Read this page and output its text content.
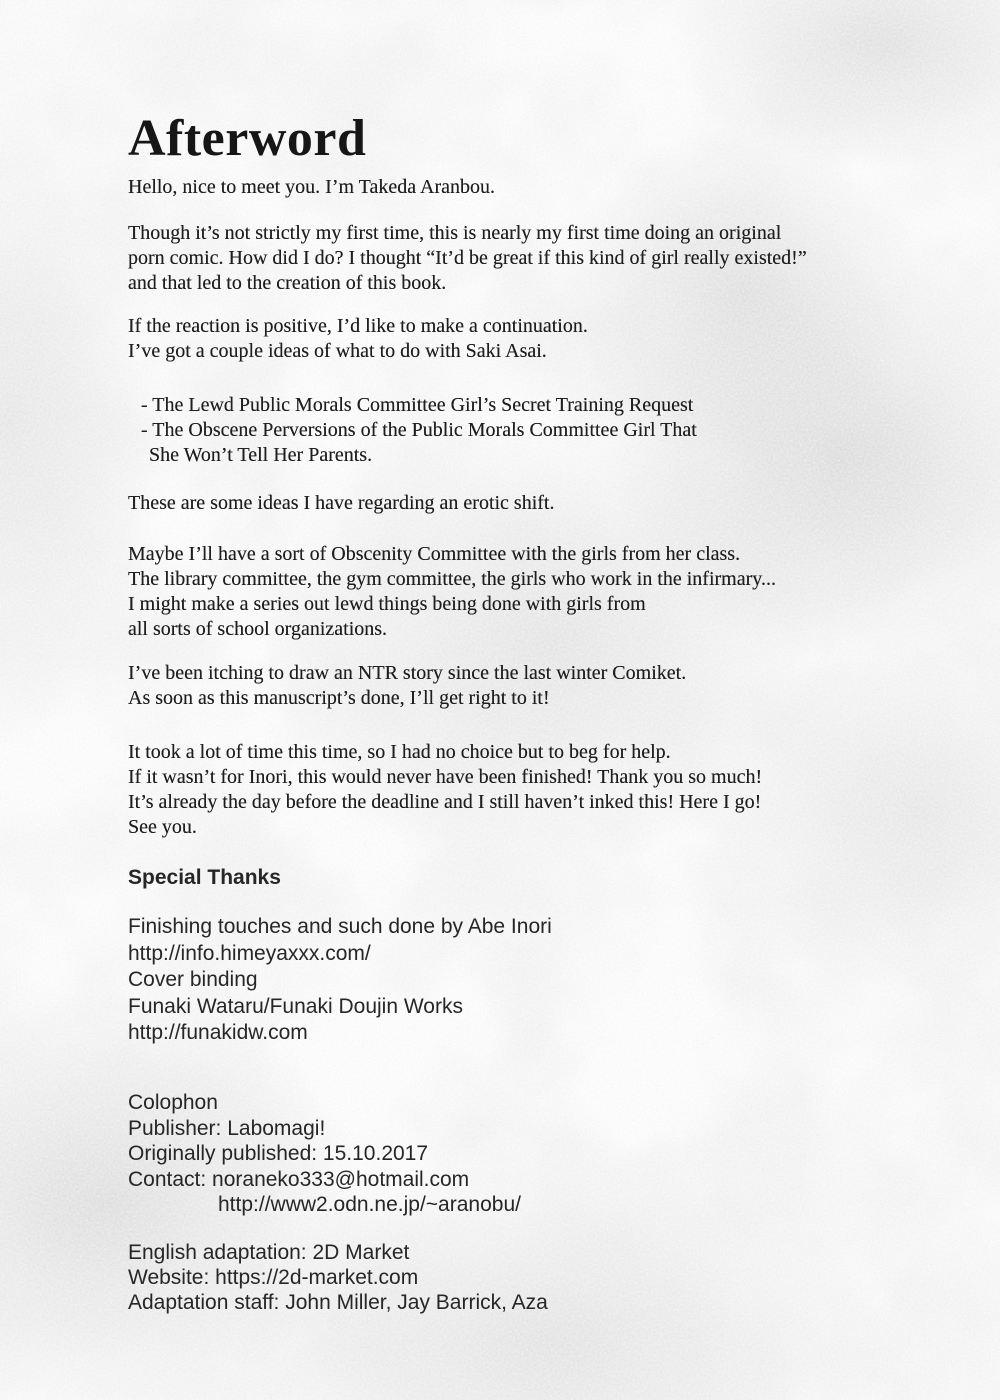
Afterword
Hello, nice to meet you. I’m Takeda Aranbou.
Though it’s not strictly my first time, this is nearly my first time doing an original
porn comic. How did I do? I thought “It’d be great if this kind of girl really existed!”
and that led to the creation of this book.
If the reaction is positive, I’d like to make a continuation.
I’ve got a couple ideas of what to do with Saki Asai.
- The Lewd Public Morals Committee Girl’s Secret Training Request
- The Obscene Perversions of the Public Morals Committee Girl That
She Won’t Tell Her Parents.
These are some ideas I have regarding an erotic shift.
Maybe I’ll have a sort of Obscenity Committee with the girls from her class.
The library committee, the gym committee, the girls who work in the infirmary...
I might make a series out lewd things being done with girls from
all sorts of school organizations.
I’ve been itching to draw an NTR story since the last winter Comiket.
As soon as this manuscript’s done, I’ll get right to it!
It took a lot of time this time, so I had no choice but to beg for help.
If it wasn’t for Inori, this would never have been finished! Thank you so much!
It’s already the day before the deadline and I still haven’t inked this! Here I go!
See you.
Special Thanks
Finishing touches and such done by Abe Inori
http://info.himeyaxxx.com/
Cover binding
Funaki Wataru/Funaki Doujin Works
http://funakidw.com
Colophon
Publisher: Labomagi!
Originally published: 15.10.2017
Contact: noraneko333@hotmail.com
http://www2.odn.ne.jp/~aranobu/
English adaptation: 2D Market
Website: https://2d-market.com
Adaptation staff: John Miller, Jay Barrick, Aza
